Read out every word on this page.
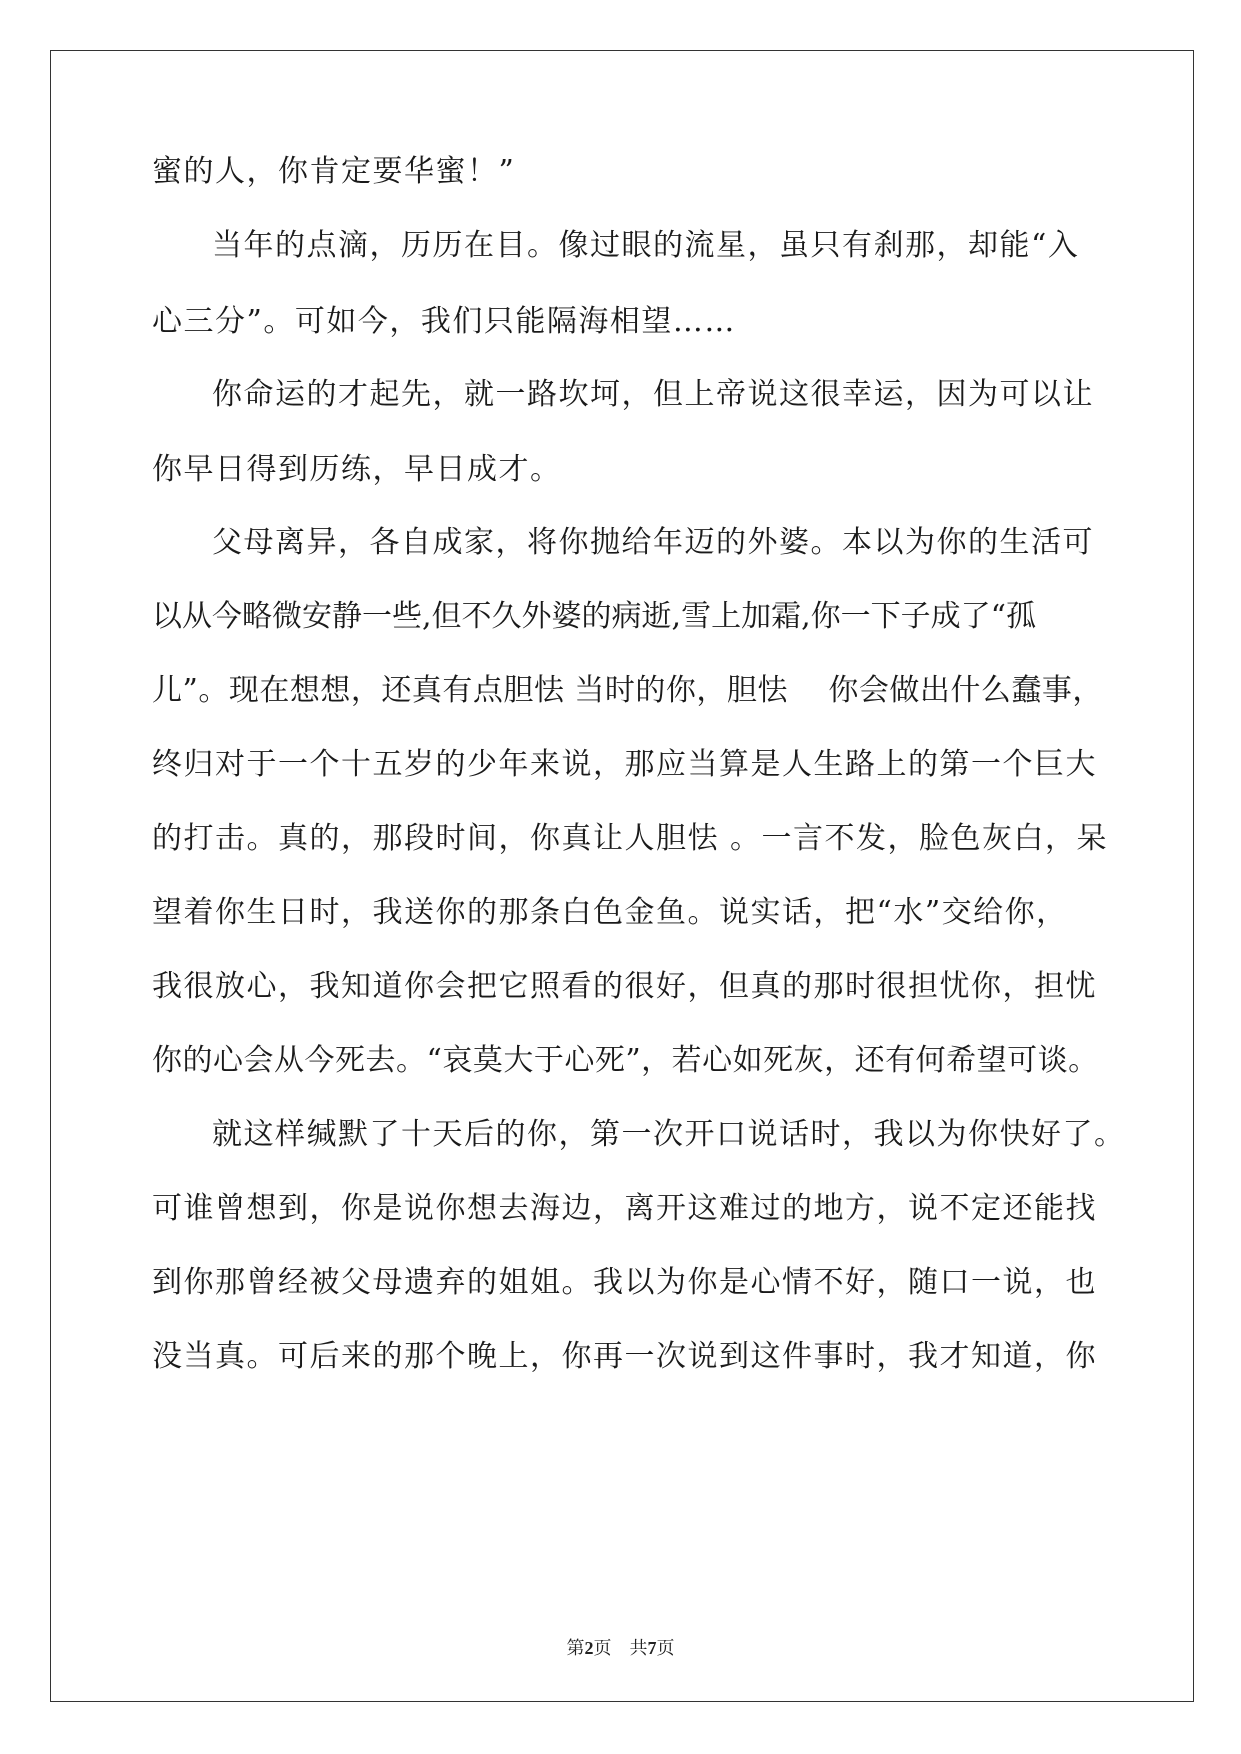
蜜的人，你肯定要华蜜！”
当年的点滴，历历在目。像过眼的流星，虽只有刹那，却能“入
心三分”。可如今，我们只能隔海相望……
你命运的才起先，就一路坎坷，但上帝说这很幸运，因为可以让
你早日得到历练，早日成才。
父母离异，各自成家，将你抛给年迈的外婆。本以为你的生活可
以从今略微安静一些,但不久外婆的病逝,雪上加霜,你一下子成了“孤
儿”。现在想想，还真有点胆怯 当时的你，胆怯　 你会做出什么蠢事，
终归对于一个十五岁的少年来说，那应当算是人生路上的第一个巨大
的打击。真的，那段时间，你真让人胆怯 。一言不发，脸色灰白，呆
望着你生日时，我送你的那条白色金鱼。说实话，把“水”交给你，
我很放心，我知道你会把它照看的很好，但真的那时很担忧你，担忧
你的心会从今死去。“哀莫大于心死”，若心如死灰，还有何希望可谈。
就这样缄默了十天后的你，第一次开口说话时，我以为你快好了。
可谁曾想到，你是说你想去海边，离开这难过的地方，说不定还能找
到你那曾经被父母遗弃的姐姐。我以为你是心情不好，随口一说，也
没当真。可后来的那个晚上，你再一次说到这件事时，我才知道，你
第2页 共7页
